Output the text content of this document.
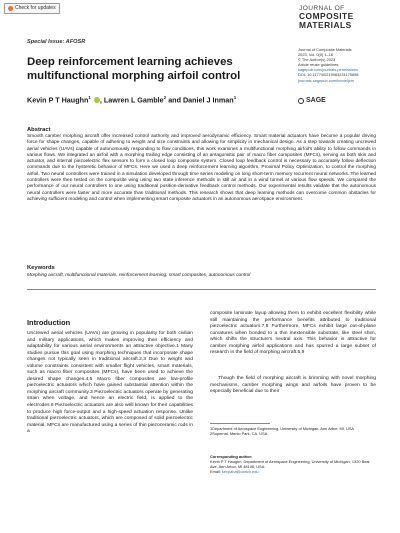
Check for updates	JOURNAL OF
COMPOSITE
MATERIALS
Special Issue: AFOSR
Deep reinforcement learning achieves multifunctional morphing airfoil control
Journal of Composite Materials
2023, Vol. 0(0) 1–16
© The Author(s) 2023
Article reuse guidelines:
sagepub.com/journals-permissions
DOI: 10.1177/00219983231175698
journals.sagepub.com/home/jcm
SAGE
Kevin P T Haughn$^1$ , Lawren L Gamble$^2$ and Daniel J Inman$^1$
Abstract

Smooth camber morphing aircraft offer increased control authority and improved aerodynamic efficiency. Smart material actuators have become a popular driving force for shape changes, capable of adhering to weight and size constraints and allowing for simplicity in mechanical design. As a step towards creating uncrewed aerial vehicles (UAVs) capable of autonomously responding to flow conditions, this work examines a multifunctional morphing airfoil's ability to follow commands in various flows. We integrated an airfoil with a morphing trailing edge consisting of an antagonistic pair of macro fiber composites (MFCs), serving as both skin and actuator, and internal piezoelectric flex sensors to form a closed loop composite system. Closed loop feedback control is necessary to accurately follow deflection commands due to the hysteretic behavior of MFCs. Here we used a deep reinforcement learning algorithm, Proximal Policy Optimization, to control the morphing airfoil. Two neural controllers were trained in a simulation developed through time series modeling on long short-term memory recurrent neural networks. The learned controllers were then tested on the composite wing using two state inference methods in still air and in a wind tunnel at various flow speeds. We compared the performance of our neural controllers to one using traditional position-derivative feedback control methods. Our experimental results validate that the autonomous neural controllers were faster and more accurate than traditional methods. This research shows that deep learning methods can overcome common obstacles for achieving sufficient modeling and control when implementing smart composite actuators in an autonomous aerospace environment.

Keywords

Morphing aircraft, multifunctional materials, reinforcement learning, smart composites, autonomous control

Introduction

Uncrewed aerial vehicles (UAVs) are growing in popularity for both civilian and military applications, which makes improving their efficiency and adaptability for various aerial environments an attractive objective.1 Many studies pursue this goal using morphing techniques that incorporate shape changes not typically seen in traditional aircraft.2,3 Due to weight and volume constraints consistent with smaller flight vehicles, smart materials, such as macro fiber composites (MFCs), have been used to achieve the desired shape changes.4,5 Macro fiber composites are low-profile piezoelectric actuators which have gained substantial attention within the morphing aircraft community.3 Piezoelectric actuators operate by generating strain when voltage, and hence an electric field, is applied to the electrodes.6 Piezoelectric actuators are also well known for their capabilities to produce high force-output and a high-speed actuation response. Unlike traditional piezoelectric actuators, which are composed of solid piezoelectric material, MFCs are manufactured using a series of thin piezoceramic rods in a

composite laminate layup allowing them to exhibit excellent flexibility while still maintaining the performance benefits attributed to traditional piezoelectric actuators.7,8 Furthermore, MFCs exhibit large out-of-plane curvatures when bonded to a thin inextensible substrate, like steel shim, which shifts the structure's neutral axis. This behavior is attractive for camber morphing airfoil applications and has spurred a large subset of research in the field of morphing aircraft.5,9

Though the field of morphing aircraft is brimming with novel morphing mechanisms, camber morphing wings and airfoils have proven to be especially beneficial due to their

1Department of Aerospace Engineering, University of Michigan, Ann Arbor, MI, USA
2Supernal, Menlo Park, CA, USA
Corresponding author:
Kevin P T Haughn, Department of Aerospace Engineering, University of Michigan, 1320 Beal Ave, Ann Arbor, MI 48108, USA.
Email: kevpaha@umich.edu
